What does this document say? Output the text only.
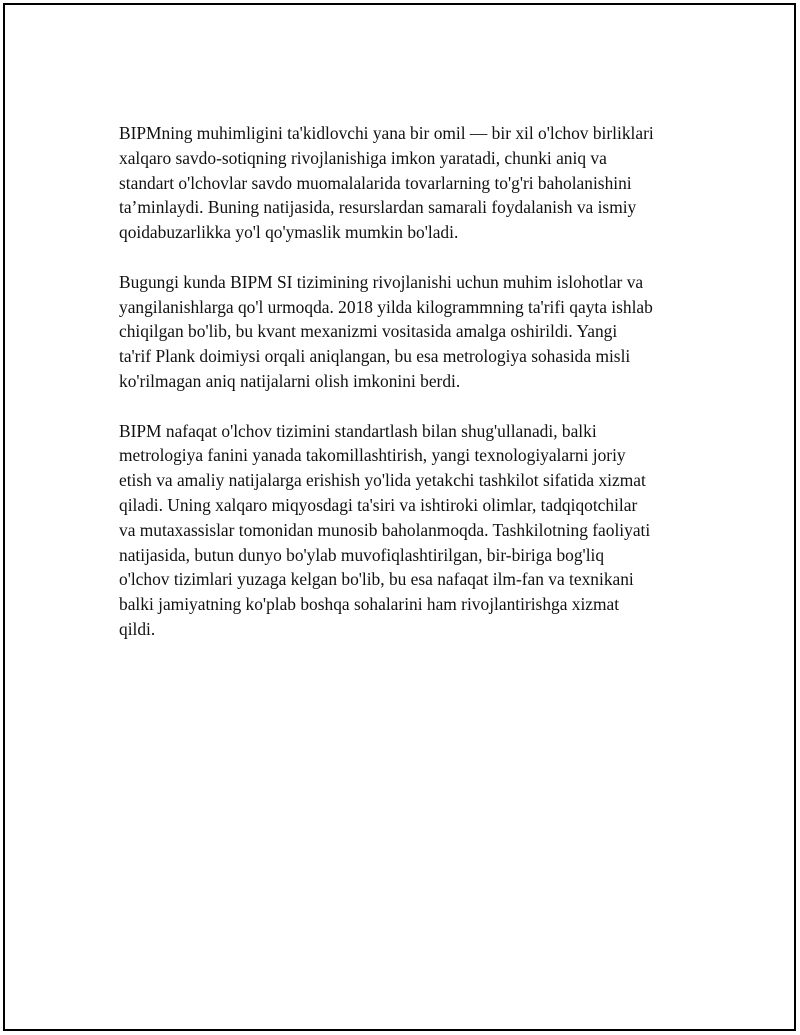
BIPMning muhimligini ta'kidlovchi yana bir omil — bir xil o'lchov birliklari
xalqaro savdo-sotiqning rivojlanishiga imkon yaratadi, chunki aniq va
standart o'lchovlar savdo muomalalarida tovarlarning to'g'ri baholanishini
taʼminlaydi. Buning natijasida, resurslardan samarali foydalanish va ismiy
qoidabuzarlikka yo'l qo'ymaslik mumkin bo'ladi.

Bugungi kunda BIPM SI tizimining rivojlanishi uchun muhim islohotlar va
yangilanishlarga qo'l urmoqda. 2018 yilda kilogrammning ta'rifi qayta ishlab
chiqilgan bo'lib, bu kvant mexanizmi vositasida amalga oshirildi. Yangi
ta'rif Plank doimiysi orqali aniqlangan, bu esa metrologiya sohasida misli
ko'rilmagan aniq natijalarni olish imkonini berdi.

BIPM nafaqat o'lchov tizimini standartlash bilan shug'ullanadi, balki
metrologiya fanini yanada takomillashtirish, yangi texnologiyalarni joriy
etish va amaliy natijalarga erishish yo'lida yetakchi tashkilot sifatida xizmat
qiladi. Uning xalqaro miqyosdagi ta'siri va ishtiroki olimlar, tadqiqotchilar
va mutaxassislar tomonidan munosib baholanmoqda. Tashkilotning faoliyati
natijasida, butun dunyo bo'ylab muvofiqlashtirilgan, bir-biriga bog'liq
o'lchov tizimlari yuzaga kelgan bo'lib, bu esa nafaqat ilm-fan va texnikani
balki jamiyatning ko'plab boshqa sohalarini ham rivojlantirishga xizmat
qildi.
